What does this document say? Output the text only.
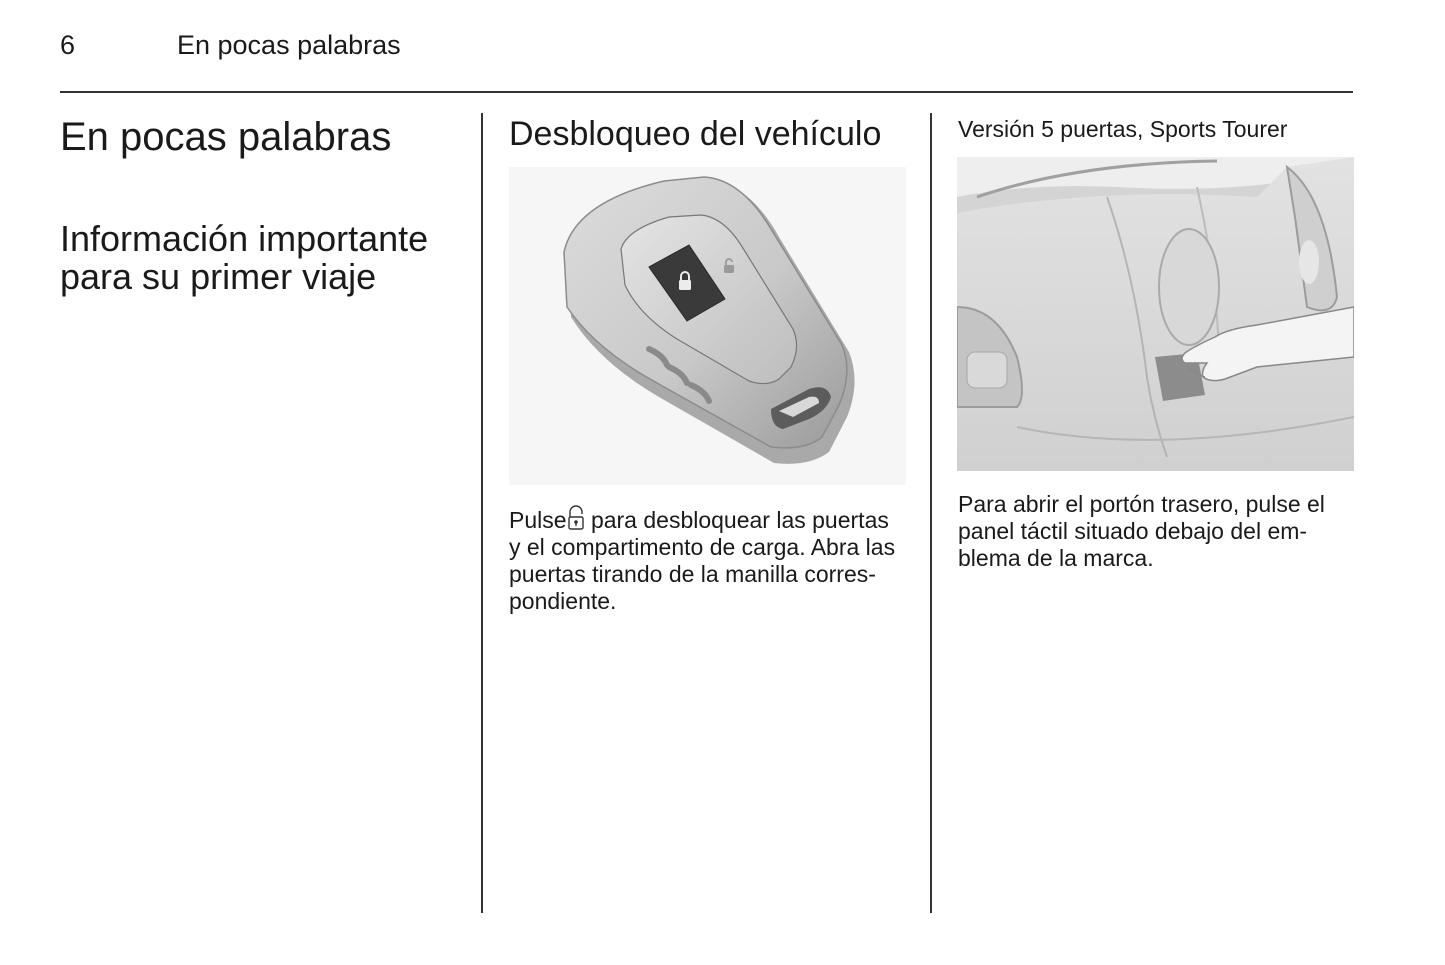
6	En pocas palabras
En pocas palabras
Información importante
para su primer viaje
Desbloqueo del vehículo

Pulse para desbloquear las puertas
y el compartimento de carga. Abra las
puertas tirando de la manilla corres-
pondiente.

Versión 5 puertas, Sports Tourer

Para abrir el portón trasero, pulse el
panel táctil situado debajo del em-
blema de la marca.
